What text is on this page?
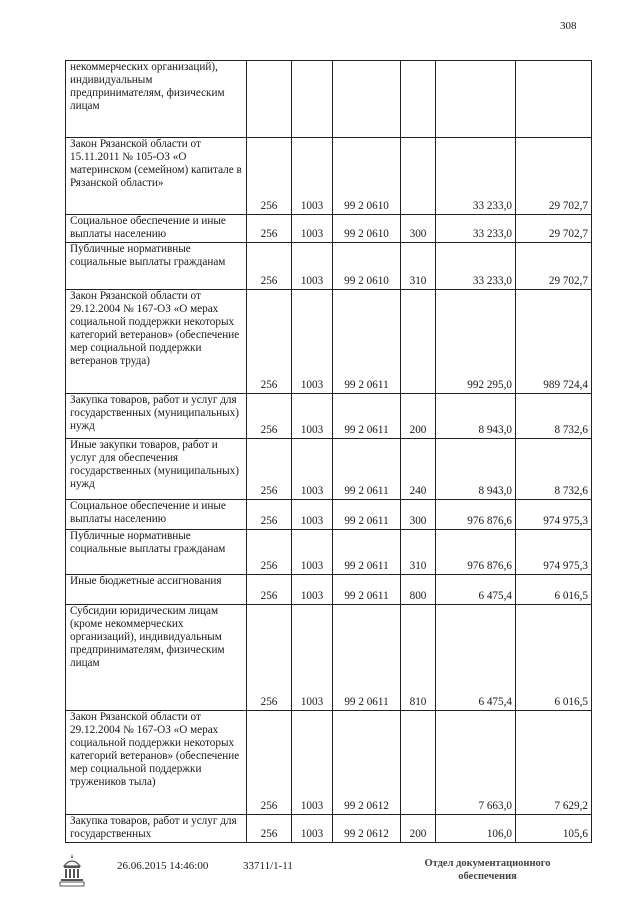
308
некоммерческих организаций), индивидуальным предпринимателям, физическим лицам						
Закон Рязанской области от 15.11.2011 № 105-ОЗ «О материнском (семейном) капитале в Рязанской области»	256	1003	99 2 0610		33 233,0	29 702,7
Социальное обеспечение и иные выплаты населению	256	1003	99 2 0610	300	33 233,0	29 702,7
Публичные нормативные социальные выплаты гражданам	256	1003	99 2 0610	310	33 233,0	29 702,7
Закон Рязанской области от 29.12.2004 № 167-ОЗ «О мерах социальной поддержки некоторых категорий ветеранов» (обеспечение мер социальной поддержки ветеранов труда)	256	1003	99 2 0611		992 295,0	989 724,4
Закупка товаров, работ и услуг для государственных (муниципальных) нужд	256	1003	99 2 0611	200	8 943,0	8 732,6
Иные закупки товаров, работ и услуг для обеспечения государственных (муниципальных) нужд	256	1003	99 2 0611	240	8 943,0	8 732,6
Социальное обеспечение и иные выплаты населению	256	1003	99 2 0611	300	976 876,6	974 975,3
Публичные нормативные социальные выплаты гражданам	256	1003	99 2 0611	310	976 876,6	974 975,3
Иные бюджетные ассигнования	256	1003	99 2 0611	800	6 475,4	6 016,5
Субсидии юридическим лицам (кроме некоммерческих организаций), индивидуальным предпринимателям, физическим лицам	256	1003	99 2 0611	810	6 475,4	6 016,5
Закон Рязанской области от 29.12.2004 № 167-ОЗ «О мерах социальной поддержки некоторых категорий ветеранов» (обеспечение мер социальной поддержки тружеников тыла)	256	1003	99 2 0612		7 663,0	7 629,2
Закупка товаров, работ и услуг для государственных	256	1003	99 2 0612	200	106,0	105,6
26.06.2015 14:46:00	33711/1-11	Отдел документационного обеспечения
